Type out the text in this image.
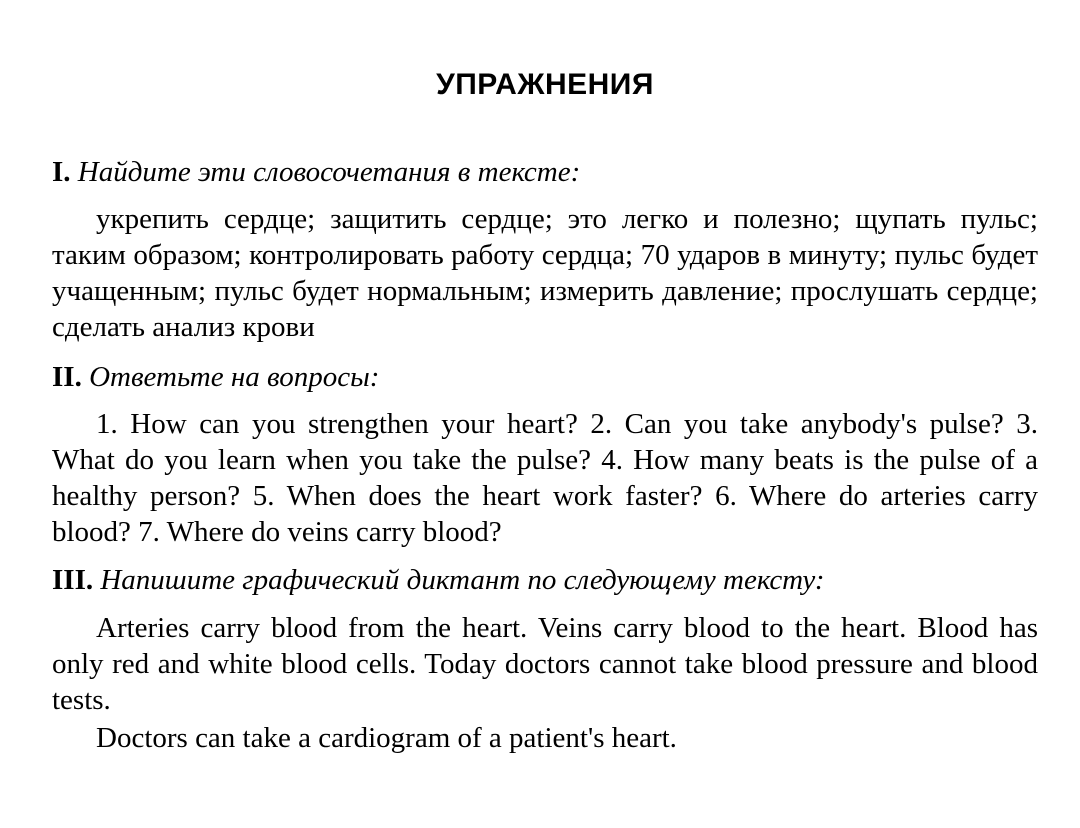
УПРАЖНЕНИЯ
I. Найдите эти словосочетания в тексте:

укрепить сердце; защитить сердце; это легко и полезно; щупать пульс; таким образом; контролировать работу сердца; 70 ударов в минуту; пульс будет учащенным; пульс будет нормальным; измерить давление; прослушать сердце; сделать анализ крови

II. Ответьте на вопросы:

1. How can you strengthen your heart? 2. Can you take anybody's pulse? 3. What do you learn when you take the pulse? 4. How many beats is the pulse of a healthy person? 5. When does the heart work faster? 6. Where do arteries carry blood? 7. Where do veins carry blood?

III. Напишите графический диктант по следующему тексту:

Arteries carry blood from the heart. Veins carry blood to the heart. Blood has only red and white blood cells. Today doctors cannot take blood pressure and blood tests.

Doctors can take a cardiogram of a patient's heart.
